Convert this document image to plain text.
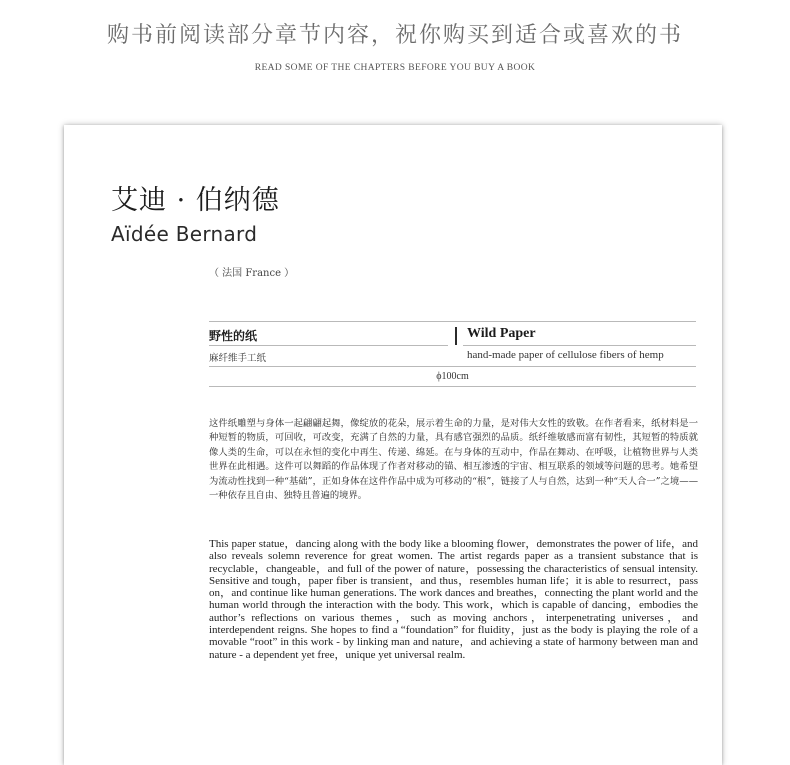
购书前阅读部分章节内容，祝你购买到适合或喜欢的书
READ SOME OF THE CHAPTERS BEFORE YOU BUY A BOOK
艾迪 · 伯纳德
Aïdée Bernard
（ 法国 France ）
野性的纸	Wild Paper
麻纤维手工纸	hand-made paper of cellulose fibers of hemp
ϕ100cm

这件纸雕塑与身体一起翩翩起舞，像绽放的花朵，展示着生命的力量，是对伟大女性的致敬。在作者看来，纸材料是一种短暂的物质，可回收，可改变，充满了自然的力量，具有感官强烈的品质。纸纤维敏感而富有韧性，其短暂的特质就像人类的生命，可以在永恒的变化中再生、传递、绵延。在与身体的互动中，作品在舞动、在呼吸，让植物世界与人类世界在此相遇。这件可以舞蹈的作品体现了作者对移动的锚、相互渗透的宇宙、相互联系的领域等问题的思考。她希望为流动性找到一种“基础”，正如身体在这件作品中成为可移动的“根”，链接了人与自然，达到一种“天人合一”之境——一种依存且自由、独特且普遍的境界。

This paper statue，dancing along with the body like a blooming flower，demonstrates the power of life，and also reveals solemn reverence for great women. The artist regards paper as a transient substance that is recyclable，changeable，and full of the power of nature，possessing the characteristics of sensual intensity. Sensitive and tough，paper fiber is transient，and thus，resembles human life；it is able to resurrect，pass on，and continue like human generations. The work dances and breathes，connecting the plant world and the human world through the interaction with the body. This work，which is capable of dancing，embodies the author’s reflections on various themes，such as moving anchors，interpenetrating universes，and interdependent reigns. She hopes to find a “foundation” for fluidity，just as the body is playing the role of a movable “root” in this work - by linking man and nature，and achieving a state of harmony between man and nature - a dependent yet free，unique yet universal realm.
